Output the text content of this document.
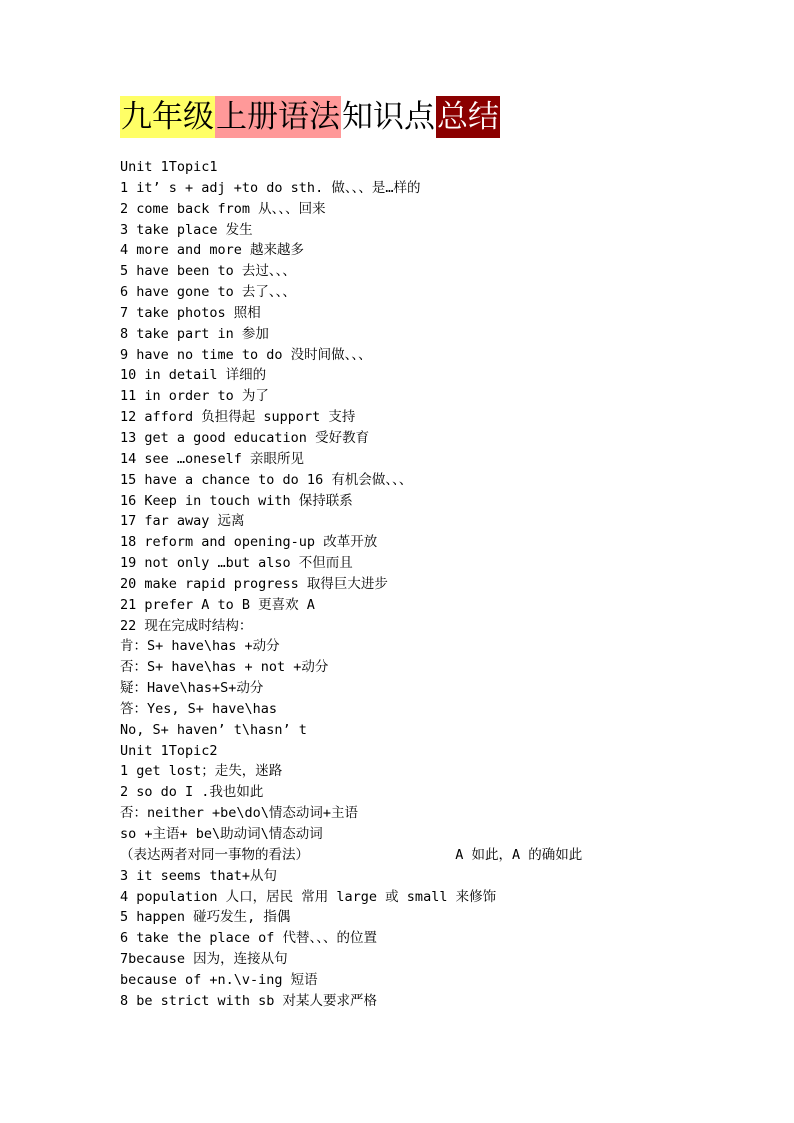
九年级上册语法知识点总结
Unit 1Topic1
1 it’ s + adj +to do sth. 做、、、是…样的
2 come back from 从、、、回来
3 take place 发生
4 more and more 越来越多
5 have been to 去过、、、
6 have gone to 去了、、、
7 take photos 照相
8 take part in 参加
9 have no time to do 没时间做、、、
10 in detail 详细的
11 in order to 为了
12 afford 负担得起 support 支持
13 get a good education 受好教育
14 see …oneself 亲眼所见
15 have a chance to do 16 有机会做、、、
16 Keep in touch with 保持联系
17 far away 远离
18 reform and opening-up 改革开放
19 not only …but also 不但而且
20 make rapid progress 取得巨大进步
21 prefer A to B 更喜欢 A
22 现在完成时结构：
肯：S+ have\has +动分
否：S+ have\has + not +动分
疑：Have\has+S+动分
答：Yes, S+ have\has
No, S+ haven’ t\hasn’ t
Unit 1Topic2
1 get lost；走失，迷路
2 so do I .我也如此
否：neither +be\do\情态动词+主语
so +主语+ be\助动词\情态动词
（表达两者对同一事物的看法）                  A 如此，A 的确如此
3 it seems that+从句
4 population 人口，居民 常用 large 或 small 来修饰
5 happen 碰巧发生, 指偶
6 take the place of 代替、、、的位置
7because 因为，连接从句
because of +n.\v-ing 短语
8 be strict with sb 对某人要求严格
